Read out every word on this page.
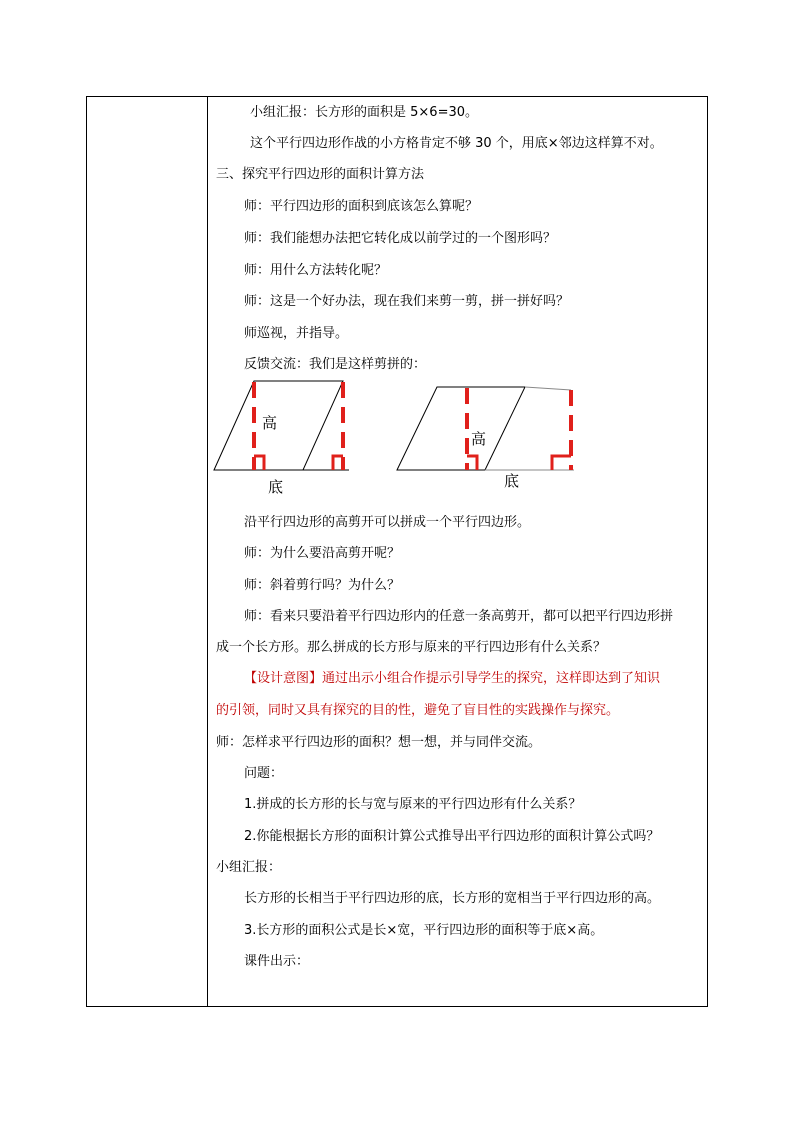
小组汇报：长方形的面积是 5×6=30。
这个平行四边形作战的小方格肯定不够 30 个，用底×邻边这样算不对。
三、探究平行四边形的面积计算方法
师：平行四边形的面积到底该怎么算呢？
师：我们能想办法把它转化成以前学过的一个图形吗？
师：用什么方法转化呢？
师：这是一个好办法，现在我们来剪一剪，拼一拼好吗？
师巡视，并指导。
反馈交流：我们是这样剪拼的：
高
底
高
底
沿平行四边形的高剪开可以拼成一个平行四边形。
师：为什么要沿高剪开呢？
师：斜着剪行吗？为什么？
师：看来只要沿着平行四边形内的任意一条高剪开，都可以把平行四边形拼
成一个长方形。那么拼成的长方形与原来的平行四边形有什么关系？
【设计意图】通过出示小组合作提示引导学生的探究，这样即达到了知识
的引领，同时又具有探究的目的性，避免了盲目性的实践操作与探究。
师：怎样求平行四边形的面积？想一想，并与同伴交流。
问题：
1.拼成的长方形的长与宽与原来的平行四边形有什么关系？
2.你能根据长方形的面积计算公式推导出平行四边形的面积计算公式吗？
小组汇报：
长方形的长相当于平行四边形的底，长方形的宽相当于平行四边形的高。
3.长方形的面积公式是长×宽，平行四边形的面积等于底×高。
课件出示：
